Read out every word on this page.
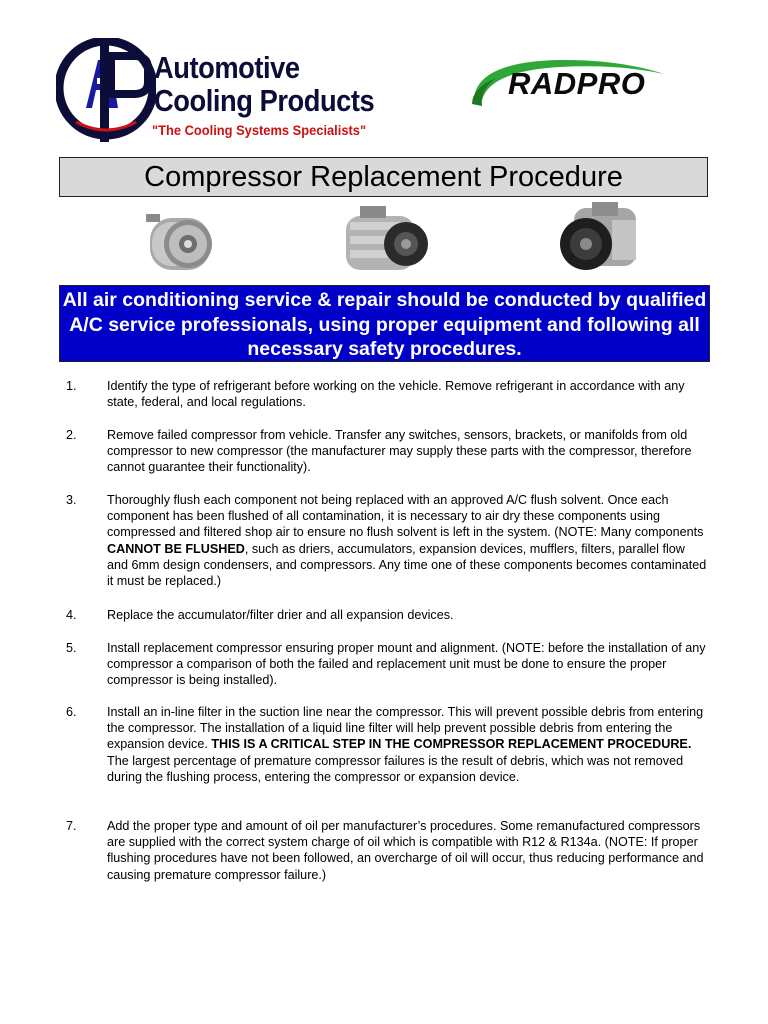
Automotive
Cooling Products
"The Cooling Systems Specialists"
RADPRO
Compressor Replacement Procedure
All air conditioning service & repair should be conducted by qualified A/C service professionals, using proper equipment and following all necessary safety procedures.
1. Identify the type of refrigerant before working on the vehicle. Remove refrigerant in accordance with any state, federal, and local regulations.
2. Remove failed compressor from vehicle. Transfer any switches, sensors, brackets, or manifolds from old compressor to new compressor (the manufacturer may supply these parts with the compressor, therefore cannot guarantee their functionality).
3. Thoroughly flush each component not being replaced with an approved A/C flush solvent. Once each component has been flushed of all contamination, it is necessary to air dry these components using compressed and filtered shop air to ensure no flush solvent is left in the system. (NOTE: Many components CANNOT BE FLUSHED, such as driers, accumulators, expansion devices, mufflers, filters, parallel flow and 6mm design condensers, and compressors. Any time one of these components becomes contaminated it must be replaced.)
4. Replace the accumulator/filter drier and all expansion devices.
5. Install replacement compressor ensuring proper mount and alignment. (NOTE: before the installation of any compressor a comparison of both the failed and replacement unit must be done to ensure the proper compressor is being installed).
6. Install an in-line filter in the suction line near the compressor. This will prevent possible debris from entering the compressor. The installation of a liquid line filter will help prevent possible debris from entering the expansion device. THIS IS A CRITICAL STEP IN THE COMPRESSOR REPLACEMENT PROCEDURE. The largest percentage of premature compressor failures is the result of debris, which was not removed during the flushing process, entering the compressor or expansion device.
7. Add the proper type and amount of oil per manufacturer’s procedures. Some remanufactured compressors are supplied with the correct system charge of oil which is compatible with R12 & R134a. (NOTE: If proper flushing procedures have not been followed, an overcharge of oil will occur, thus reducing performance and causing premature compressor failure.)
